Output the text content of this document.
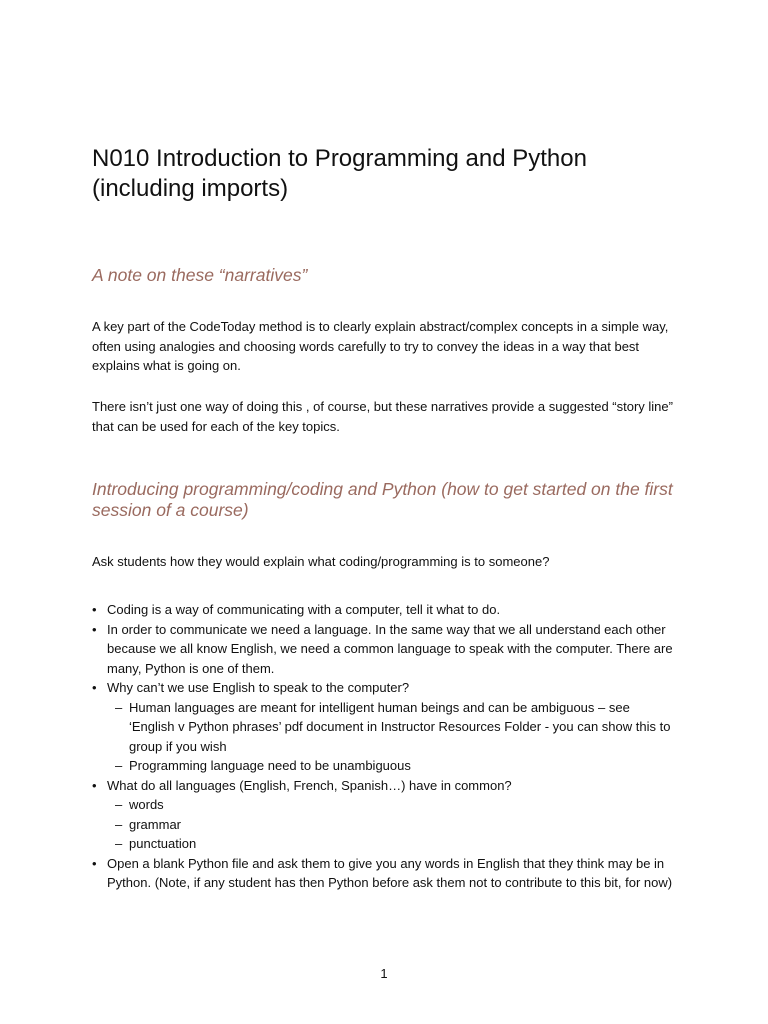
N010 Introduction to Programming and Python (including imports)
A note on these “narratives”

A key part of the CodeToday method is to clearly explain abstract/complex concepts in a simple way, often using analogies and choosing words carefully to try to convey the ideas in a way that best explains what is going on.

There isn’t just one way of doing this , of course, but these narratives provide a suggested “story line” that can be used for each of the key topics.

Introducing programming/coding and Python (how to get started on the first session of a course)

Ask students how they would explain what coding/programming is to someone?

• Coding is a way of communicating with a computer, tell it what to do.
• In order to communicate we need a language. In the same way that we all understand each other because we all know English, we need a common language to speak with the computer. There are many, Python is one of them.
• Why can’t we use English to speak to the computer?
– Human languages are meant for intelligent human beings and can be ambiguous – see ‘English v Python phrases’ pdf document in Instructor Resources Folder - you can show this to group if you wish
– Programming language need to be unambiguous
• What do all languages (English, French, Spanish…) have in common?
– words
– grammar
– punctuation
• Open a blank Python file and ask them to give you any words in English that they think may be in Python. (Note, if any student has then Python before ask them not to contribute to this bit, for now)
1
